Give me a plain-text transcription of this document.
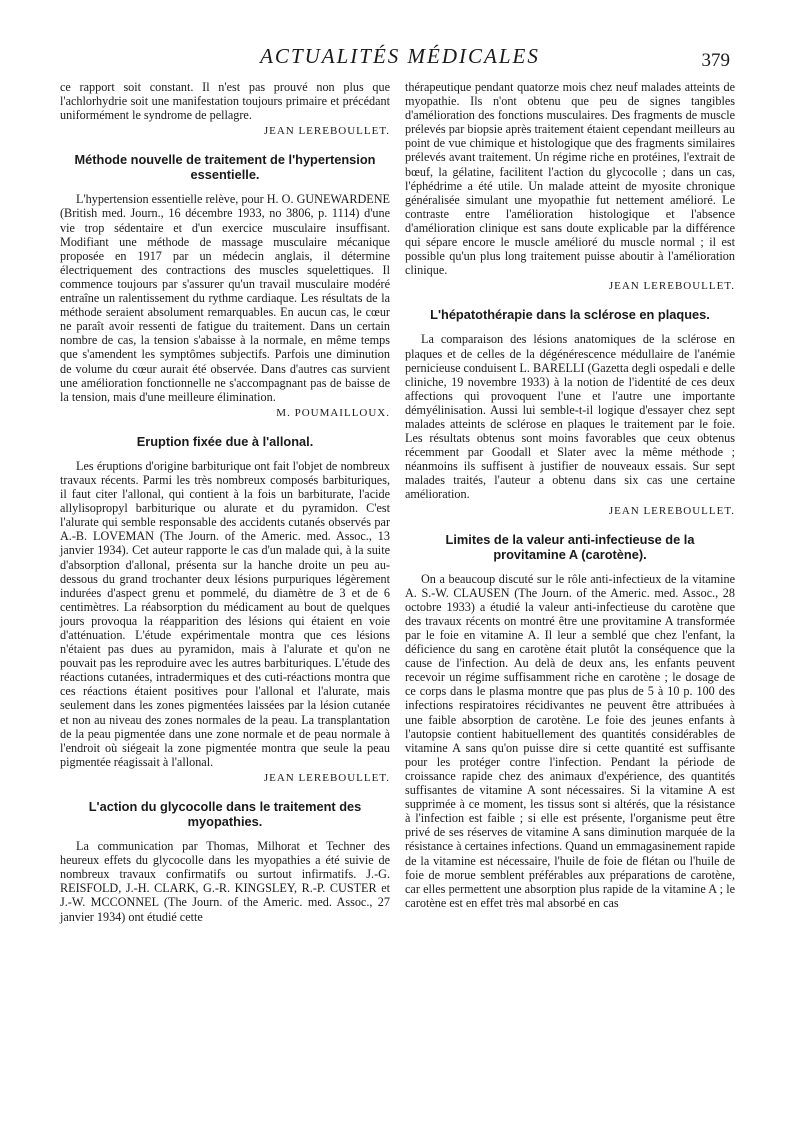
ACTUALITÉS MÉDICALES	379

ce rapport soit constant. Il n'est pas prouvé non plus que l'achlorhydrie soit une manifestation toujours primaire et précédant uniformément le syndrome de pellagre.

JEAN LEREBOULLET.
Méthode nouvelle de traitement de l'hypertension essentielle.

L'hypertension essentielle relève, pour H. O. GUNEWARDENE (British med. Journ., 16 décembre 1933, no 3806, p. 1114) d'une vie trop sédentaire et d'un exercice musculaire insuffisant. Modifiant une méthode de massage musculaire mécanique proposée en 1917 par un médecin anglais, il détermine électriquement des contractions des muscles squelettiques. Il commence toujours par s'assurer qu'un travail musculaire modéré entraîne un ralentissement du rythme cardiaque. Les résultats de la méthode seraient absolument remarquables. En aucun cas, le cœur ne paraît avoir ressenti de fatigue du traitement. Dans un certain nombre de cas, la tension s'abaisse à la normale, en même temps que s'amendent les symptômes subjectifs. Parfois une diminution de volume du cœur aurait été observée. Dans d'autres cas survient une amélioration fonctionnelle ne s'accompagnant pas de baisse de la tension, mais d'une meilleure élimination.

M. POUMAILLOUX.
Eruption fixée due à l'allonal.

Les éruptions d'origine barbiturique ont fait l'objet de nombreux travaux récents. Parmi les très nombreux composés barbituriques, il faut citer l'allonal, qui contient à la fois un barbiturate, l'acide allylisopropyl barbiturique ou alurate et du pyramidon. C'est l'alurate qui semble responsable des accidents cutanés observés par A.-B. LOVEMAN (The Journ. of the Americ. med. Assoc., 13 janvier 1934). Cet auteur rapporte le cas d'un malade qui, à la suite d'absorption d'allonal, présenta sur la hanche droite un peu au-dessous du grand trochanter deux lésions purpuriques légèrement indurées d'aspect grenu et pommelé, du diamètre de 3 et de 6 centimètres. La réabsorption du médicament au bout de quelques jours provoqua la réapparition des lésions qui étaient en voie d'atténuation. L'étude expérimentale montra que ces lésions n'étaient pas dues au pyramidon, mais à l'alurate et qu'on ne pouvait pas les reproduire avec les autres barbituriques. L'étude des réactions cutanées, intradermiques et des cuti-réactions montra que ces réactions étaient positives pour l'allonal et l'alurate, mais seulement dans les zones pigmentées laissées par la lésion cutanée et non au niveau des zones normales de la peau. La transplantation de la peau pigmentée dans une zone normale et de peau normale à l'endroit où siégeait la zone pigmentée montra que seule la peau pigmentée réagissait à l'allonal.

JEAN LEREBOULLET.
L'action du glycocolle dans le traitement des myopathies.

La communication par Thomas, Milhorat et Techner des heureux effets du glycocolle dans les myopathies a été suivie de nombreux travaux confirmatifs ou surtout infirmatifs. J.-G. REISFOLD, J.-H. CLARK, G.-R. KINGSLEY, R.-P. CUSTER et J.-W. MCCONNEL (The Journ. of the Americ. med. Assoc., 27 janvier 1934) ont étudié cette

thérapeutique pendant quatorze mois chez neuf malades atteints de myopathie. Ils n'ont obtenu que peu de signes tangibles d'amélioration des fonctions musculaires. Des fragments de muscle prélevés par biopsie après traitement étaient cependant meilleurs au point de vue chimique et histologique que des fragments similaires prélevés avant traitement. Un régime riche en protéines, l'extrait de bœuf, la gélatine, facilitent l'action du glycocolle ; dans un cas, l'éphédrime a été utile. Un malade atteint de myosite chronique généralisée simulant une myopathie fut nettement amélioré. Le contraste entre l'amélioration histologique et l'absence d'amélioration clinique est sans doute explicable par la différence qui sépare encore le muscle amélioré du muscle normal ; il est possible qu'un plus long traitement puisse aboutir à l'amélioration clinique.

JEAN LEREBOULLET.
L'hépatothérapie dans la sclérose en plaques.

La comparaison des lésions anatomiques de la sclérose en plaques et de celles de la dégénérescence médullaire de l'anémie pernicieuse conduisent L. BARELLI (Gazetta degli ospedali e delle cliniche, 19 novembre 1933) à la notion de l'identité de ces deux affections qui provoquent l'une et l'autre une importante démyélinisation. Aussi lui semble-t-il logique d'essayer chez sept malades atteints de sclérose en plaques le traitement par le foie. Les résultats obtenus sont moins favorables que ceux obtenus récemment par Goodall et Slater avec la même méthode ; néanmoins ils suffisent à justifier de nouveaux essais. Sur sept malades traités, l'auteur a obtenu dans six cas une certaine amélioration.

JEAN LEREBOULLET.
Limites de la valeur anti-infectieuse de la provitamine A (carotène).

On a beaucoup discuté sur le rôle anti-infectieux de la vitamine A. S.-W. CLAUSEN (The Journ. of the Americ. med. Assoc., 28 octobre 1933) a étudié la valeur anti-infectieuse du carotène que des travaux récents on montré être une provitamine A transformée par le foie en vitamine A. Il leur a semblé que chez l'enfant, la déficience du sang en carotène était plutôt la conséquence que la cause de l'infection. Au delà de deux ans, les enfants peuvent recevoir un régime suffisamment riche en carotène ; le dosage de ce corps dans le plasma montre que pas plus de 5 à 10 p. 100 des infections respiratoires récidivantes ne peuvent être attribuées à une faible absorption de carotène. Le foie des jeunes enfants à l'autopsie contient habituellement des quantités considérables de vitamine A sans qu'on puisse dire si cette quantité est suffisante pour les protéger contre l'infection. Pendant la période de croissance rapide chez des animaux d'expérience, des quantités suffisantes de vitamine A sont nécessaires. Si la vitamine A est supprimée à ce moment, les tissus sont si altérés, que la résistance à l'infection est faible ; si elle est présente, l'organisme peut être privé de ses réserves de vitamine A sans diminution marquée de la résistance à certaines infections. Quand un emmagasinement rapide de la vitamine est nécessaire, l'huile de foie de flétan ou l'huile de foie de morue semblent préférables aux préparations de carotène, car elles permettent une absorption plus rapide de la vitamine A ; le carotène est en effet très mal absorbé en cas
